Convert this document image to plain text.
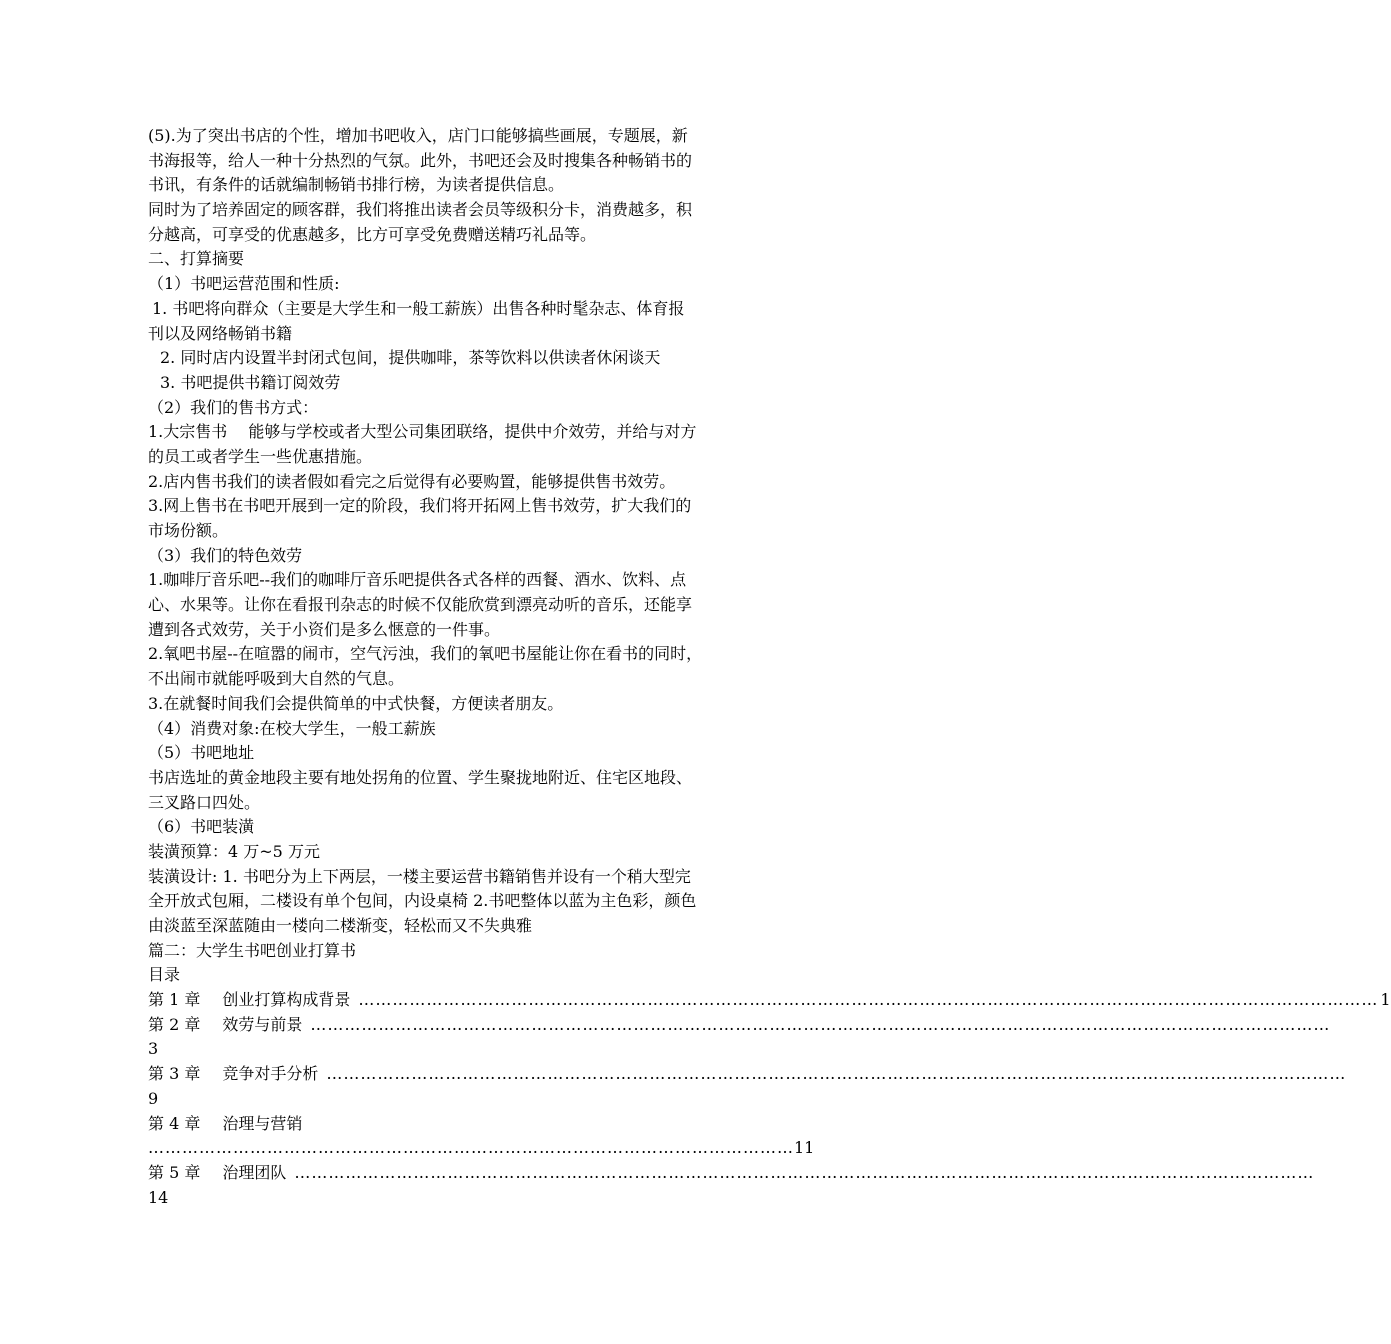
(5).为了突出书店的个性，增加书吧收入，店门口能够搞些画展，专题展，新
书海报等，给人一种十分热烈的气氛。此外，书吧还会及时搜集各种畅销书的
书讯，有条件的话就编制畅销书排行榜，为读者提供信息。
同时为了培养固定的顾客群，我们将推出读者会员等级积分卡，消费越多，积
分越高，可享受的优惠越多，比方可享受免费赠送精巧礼品等。
二、打算摘要
（1）书吧运营范围和性质:
1. 书吧将向群众（主要是大学生和一般工薪族）出售各种时髦杂志、体育报
刊以及网络畅销书籍
2. 同时店内设置半封闭式包间，提供咖啡，茶等饮料以供读者休闲谈天
3. 书吧提供书籍订阅效劳
（2）我们的售书方式：
1.大宗售书　 能够与学校或者大型公司集团联络，提供中介效劳，并给与对方
的员工或者学生一些优惠措施。
2.店内售书我们的读者假如看完之后觉得有必要购置，能够提供售书效劳。
3.网上售书在书吧开展到一定的阶段，我们将开拓网上售书效劳，扩大我们的
市场份额。
（3）我们的特色效劳
1.咖啡厅音乐吧--我们的咖啡厅音乐吧提供各式各样的西餐、酒水、饮料、点
心、水果等。让你在看报刊杂志的时候不仅能欣赏到漂亮动听的音乐，还能享
遭到各式效劳，关于小资们是多么惬意的一件事。
2.氧吧书屋--在喧嚣的闹市，空气污浊，我们的氧吧书屋能让你在看书的同时，
不出闹市就能呼吸到大自然的气息。
3.在就餐时间我们会提供简单的中式快餐，方便读者朋友。
（4）消费对象:在校大学生，一般工薪族
（5）书吧地址
书店选址的黄金地段主要有地处拐角的位置、学生聚拢地附近、住宅区地段、
三叉路口四处。
（6）书吧装潢
装潢预算：4 万~5 万元
装潢设计: 1. 书吧分为上下两层，一楼主要运营书籍销售并设有一个稍大型完
全开放式包厢，二楼设有单个包间，内设桌椅 2.书吧整体以蓝为主色彩，颜色
由淡蓝至深蓝随由一楼向二楼渐变，轻松而又不失典雅
篇二：大学生书吧创业打算书
目录
第 1 章 创业打算构成背景 ……………………………………………………………………………………………………………………………………………………………… 1
第 2 章 效劳与前景 ………………………………………………………………………………………………………………………………………………………………
3
第 3 章 竞争对手分析 ………………………………………………………………………………………………………………………………………………………………
9
第 4 章 治理与营销
……………………………………………………………………………………………………11
第 5 章 治理团队 ………………………………………………………………………………………………………………………………………………………………
14
